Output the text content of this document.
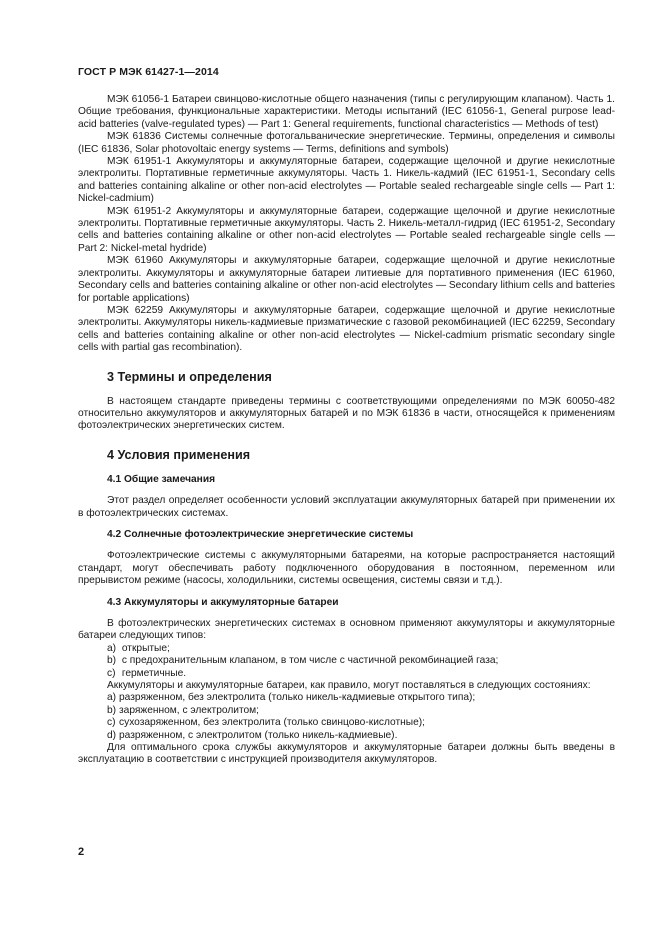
ГОСТ Р МЭК 61427-1—2014

МЭК 61056-1 Батареи свинцово-кислотные общего назначения (типы с регулирующим клапаном). Часть 1. Общие требования, функциональные характеристики. Методы испытаний (IEC 61056-1, General purpose lead-acid batteries (valve-regulated types) — Part 1: General requirements, functional characteristics — Methods of test)

МЭК 61836 Системы солнечные фотогальванические энергетические. Термины, определения и символы (IEC 61836, Solar photovoltaic energy systems — Terms, definitions and symbols)

МЭК 61951-1 Аккумуляторы и аккумуляторные батареи, содержащие щелочной и другие некислотные электролиты. Портативные герметичные аккумуляторы. Часть 1. Никель-кадмий (IEC 61951-1, Secondary cells and batteries containing alkaline or other non-acid electrolytes — Portable sealed rechargeable single cells — Part 1: Nickel-cadmium)

МЭК 61951-2 Аккумуляторы и аккумуляторные батареи, содержащие щелочной и другие некислотные электролиты. Портативные герметичные аккумуляторы. Часть 2. Никель-металл-гидрид (IEC 61951-2, Secondary cells and batteries containing alkaline or other non-acid electrolytes — Portable sealed rechargeable single cells — Part 2: Nickel-metal hydride)

МЭК 61960 Аккумуляторы и аккумуляторные батареи, содержащие щелочной и другие некислотные электролиты. Аккумуляторы и аккумуляторные батареи литиевые для портативного применения (IEC 61960, Secondary cells and batteries containing alkaline or other non-acid electrolytes — Secondary lithium cells and batteries for portable applications)

МЭК 62259 Аккумуляторы и аккумуляторные батареи, содержащие щелочной и другие некислотные электролиты. Аккумуляторы никель-кадмиевые призматические с газовой рекомбинацией (IEC 62259, Secondary cells and batteries containing alkaline or other non-acid electrolytes — Nickel-cadmium prismatic secondary single cells with partial gas recombination).

3 Термины и определения

В настоящем стандарте приведены термины с соответствующими определениями по МЭК 60050-482 относительно аккумуляторов и аккумуляторных батарей и по МЭК 61836 в части, относящейся к применениям фотоэлектрических энергетических систем.

4 Условия применения
4.1 Общие замечания

Этот раздел определяет особенности условий эксплуатации аккумуляторных батарей при применении их в фотоэлектрических системах.

4.2 Солнечные фотоэлектрические энергетические системы

Фотоэлектрические системы с аккумуляторными батареями, на которые распространяется настоящий стандарт, могут обеспечивать работу подключенного оборудования в постоянном, переменном или прерывистом режиме (насосы, холодильники, системы освещения, системы связи и т.д.).

4.3 Аккумуляторы и аккумуляторные батареи

В фотоэлектрических энергетических системах в основном применяют аккумуляторы и аккумуляторные батареи следующих типов:

a) открытые;
b) с предохранительным клапаном, в том числе с частичной рекомбинацией газа;
c) герметичные.

Аккумуляторы и аккумуляторные батареи, как правило, могут поставляться в следующих состояниях:

a) разряженном, без электролита (только никель-кадмиевые открытого типа);
b) заряженном, с электролитом;
c) сухозаряженном, без электролита (только свинцово-кислотные);
d) разряженном, с электролитом (только никель-кадмиевые).

Для оптимального срока службы аккумуляторов и аккумуляторные батареи должны быть введены в эксплуатацию в соответствии с инструкцией производителя аккумуляторов.

2
